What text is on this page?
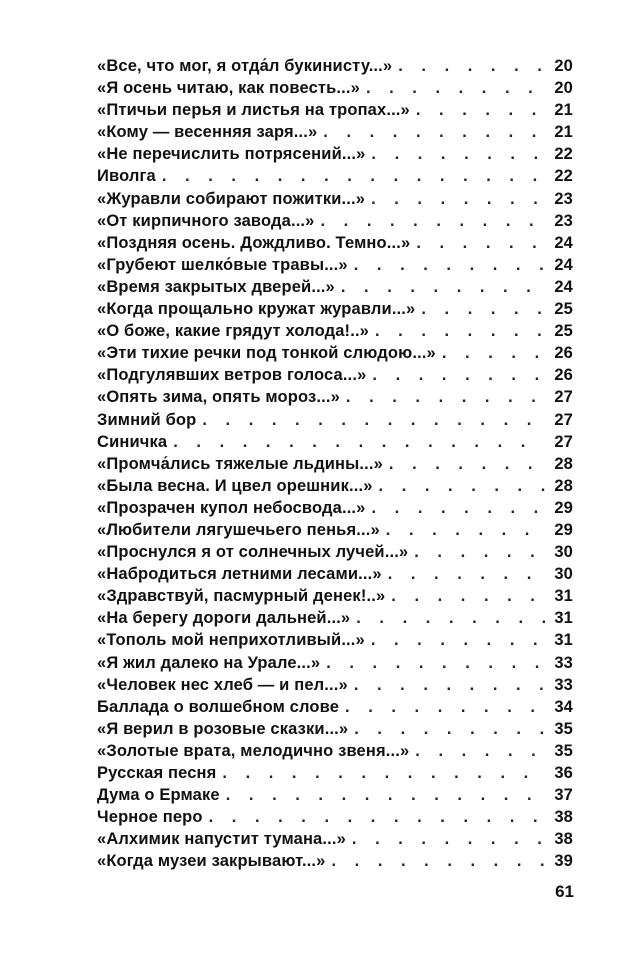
«Все, что мог, я отда́л букинисту...» . . .	20
«Я осень читаю, как повесть...» . . .	20
«Птичьи перья и листья на тропах...» . . .	21
«Кому — весенняя заря...» . . .	21
«Не перечислить потрясений...» . . .	22
Иволга . . .	22
«Журавли собирают пожитки...» . . .	23
«От кирпичного завода...» . . .	23
«Поздняя осень. Дождливо. Темно...» . . .	24
«Грубеют шелко́вые травы...» . . .	24
«Время закрытых дверей...» . . .	24
«Когда прощально кружат журавли...» . . .	25
«О боже, какие грядут холода!..» . . .	25
«Эти тихие речки под тонкой слюдою...» . . .	26
«Подгулявших ветров голоса...» . . .	26
«Опять зима, опять мороз...» . . .	27
Зимний бор . . .	27
Синичка . . .	27
«Промча́лись тяжелые льдины...» . . .	28
«Была весна. И цвел орешник...» . . .	28
«Прозрачен купол небосвода...» . . .	29
«Любители лягушечьего пенья...» . . .	29
«Проснулся я от солнечных лучей...» . . .	30
«Набродиться летними лесами...» . . .	30
«Здравствуй, пасмурный денек!..» . . .	31
«На берегу дороги дальней...» . . .	31
«Тополь мой неприхотливый...» . . .	31
«Я жил далеко на Урале...» . . .	33
«Человек нес хлеб — и пел...» . . .	33
Баллада о волшебном слове . . .	34
«Я верил в розовые сказки...» . . .	35
«Золотые врата, мелодично звеня...» . . .	35
Русская песня . . .	36
Дума о Ермаке . . .	37
Черное перо . . .	38
«Алхимик напустит тумана...» . . .	38
«Когда музеи закрывают...» . . .	39
61
